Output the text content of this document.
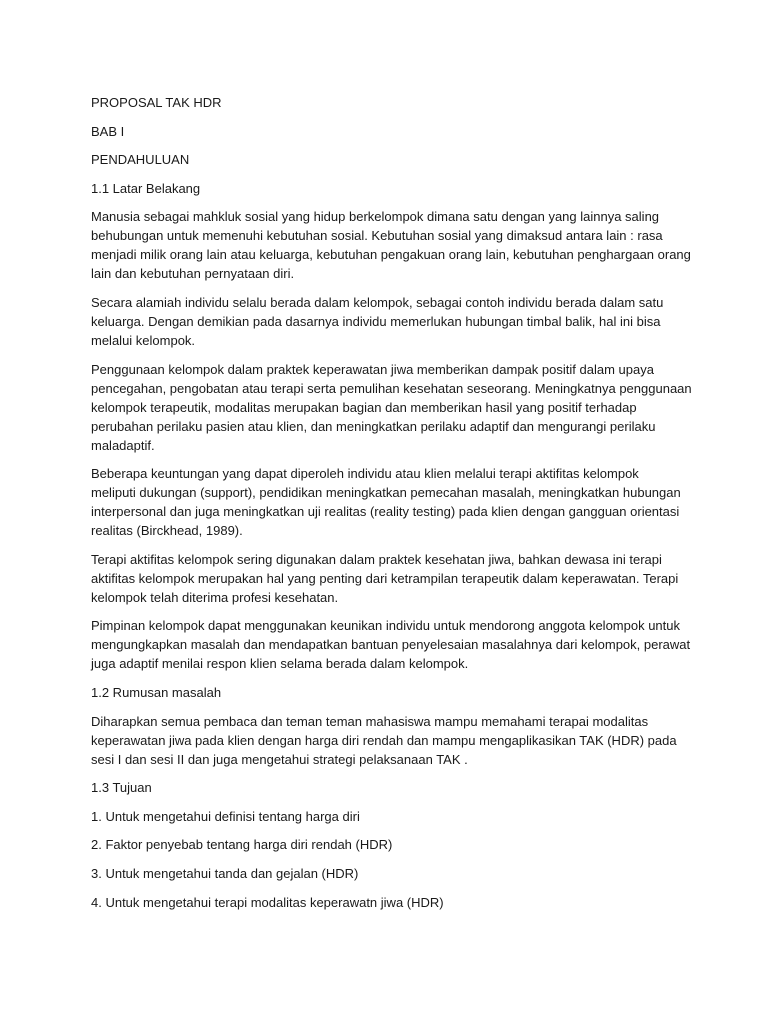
PROPOSAL TAK HDR

BAB I

PENDAHULUAN

1.1 Latar Belakang

Manusia sebagai mahkluk sosial yang hidup berkelompok dimana satu dengan yang lainnya saling
behubungan untuk memenuhi kebutuhan sosial. Kebutuhan sosial yang dimaksud antara lain : rasa
menjadi milik orang lain atau keluarga, kebutuhan pengakuan orang lain, kebutuhan penghargaan orang
lain dan kebutuhan pernyataan diri.

Secara alamiah individu selalu berada dalam kelompok, sebagai contoh individu berada dalam satu
keluarga. Dengan demikian pada dasarnya individu memerlukan hubungan timbal balik, hal ini bisa
melalui kelompok.

Penggunaan kelompok dalam praktek keperawatan jiwa memberikan dampak positif dalam upaya
pencegahan, pengobatan atau terapi serta pemulihan kesehatan seseorang. Meningkatnya penggunaan
kelompok terapeutik, modalitas merupakan bagian dan memberikan hasil yang positif terhadap
perubahan perilaku pasien atau klien, dan meningkatkan perilaku adaptif dan mengurangi perilaku
maladaptif.

Beberapa keuntungan yang dapat diperoleh individu atau klien melalui terapi aktifitas kelompok
meliputi dukungan (support), pendidikan meningkatkan pemecahan masalah, meningkatkan hubungan
interpersonal dan juga meningkatkan uji realitas (reality testing) pada klien dengan gangguan orientasi
realitas (Birckhead, 1989).

Terapi aktifitas kelompok sering digunakan dalam praktek kesehatan jiwa, bahkan dewasa ini terapi
aktifitas kelompok merupakan hal yang penting dari ketrampilan terapeutik dalam keperawatan. Terapi
kelompok telah diterima profesi kesehatan.

Pimpinan kelompok dapat menggunakan keunikan individu untuk mendorong anggota kelompok untuk
mengungkapkan masalah dan mendapatkan bantuan penyelesaian masalahnya dari kelompok, perawat
juga adaptif menilai respon klien selama berada dalam kelompok.

1.2 Rumusan masalah

Diharapkan semua pembaca dan teman teman mahasiswa mampu memahami terapai modalitas
keperawatan jiwa pada klien dengan harga diri rendah dan mampu mengaplikasikan TAK (HDR) pada
sesi I dan sesi II dan juga mengetahui strategi pelaksanaan TAK .

1.3 Tujuan

1. Untuk mengetahui definisi tentang harga diri

2. Faktor penyebab tentang harga diri rendah (HDR)

3. Untuk mengetahui tanda dan gejalan (HDR)

4. Untuk mengetahui terapi modalitas keperawatn jiwa (HDR)
